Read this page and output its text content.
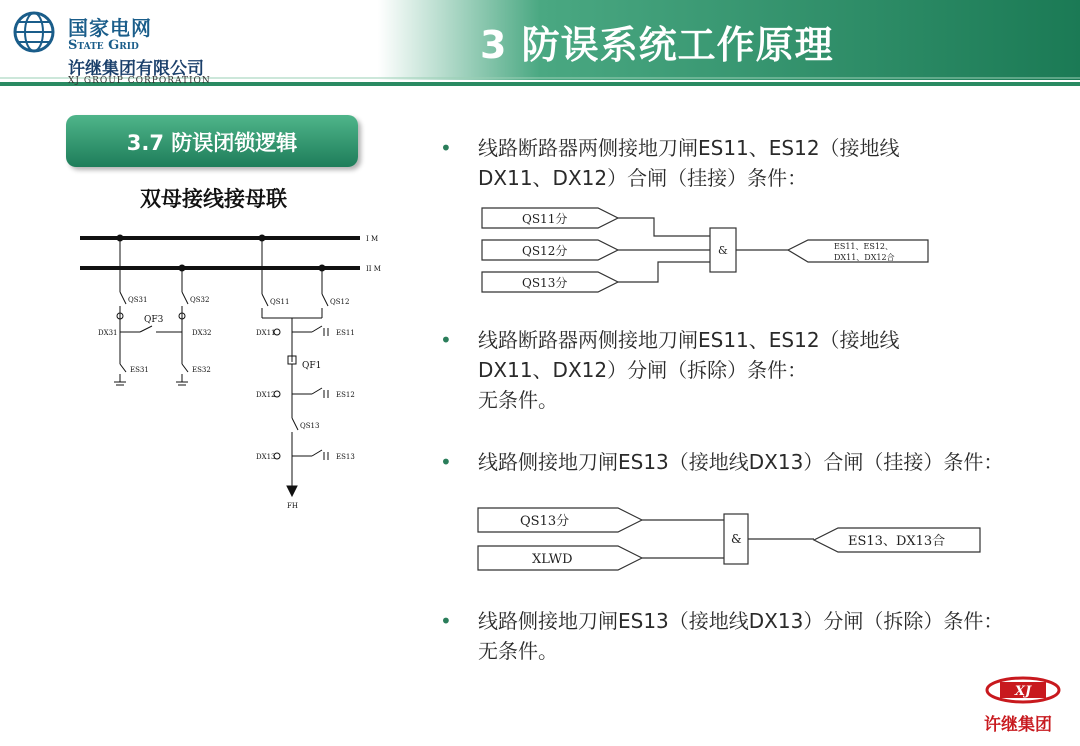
国家电网
State Grid
许继集团有限公司
XJ GROUP CORPORATION
3 防误系统工作原理
3.7 防误闭锁逻辑
双母接线接母联
I M
II M
QS31	QS32
DX31	DX32
QF3
ES31	ES32
QS11	QS12
DX11	ES11
QF1
DX12	ES12
QS13
DX13	ES13
FH
• 线路断路器两侧接地刀闸ES11、ES12（接地线
DX11、DX12）合闸（挂接）条件：
QS11分
QS12分
QS13分
&	ES11、ES12、
DX11、DX12合
• 线路断路器两侧接地刀闸ES11、ES12（接地线
DX11、DX12）分闸（拆除）条件：
无条件。
• 线路侧接地刀闸ES13（接地线DX13）合闸（挂接）条件：
QS13分
XLWD
&	ES13、DX13合
• 线路侧接地刀闸ES13（接地线DX13）分闸（拆除）条件：
无条件。
XJ
许继集团
